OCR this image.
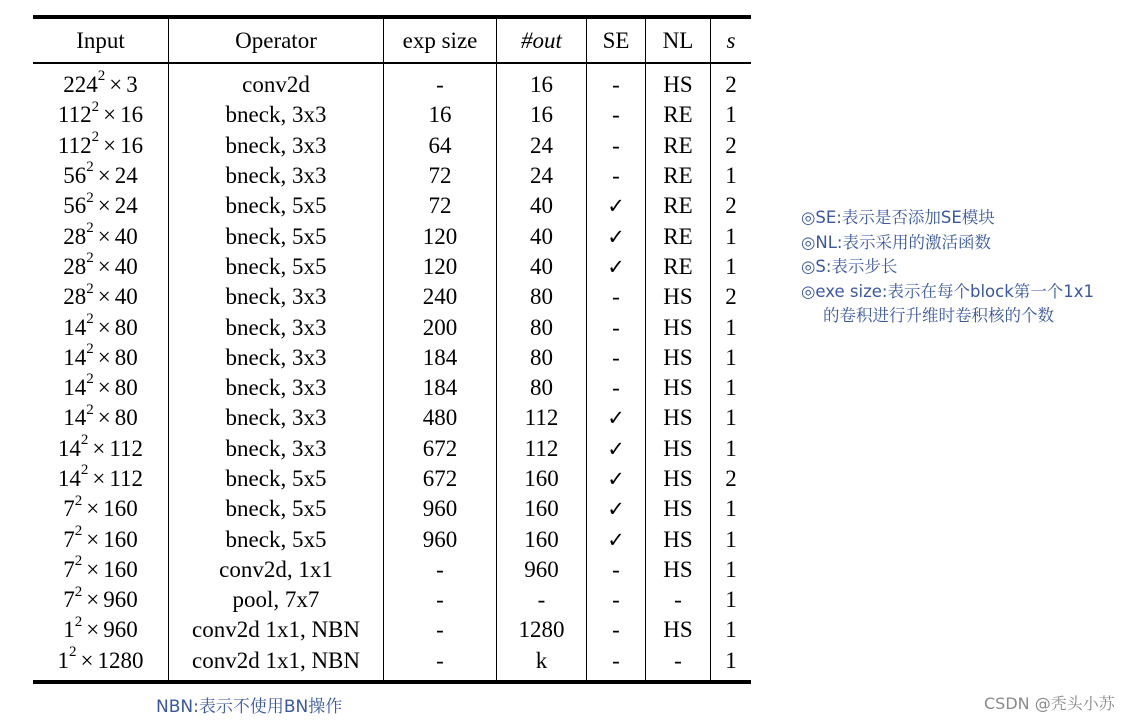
Input	Operator	exp size	#out	SE	NL	s
$224^2 \times 3$	conv2d	-	16	-	HS	2
$112^2 \times 16$	bneck, 3x3	16	16	-	RE	1
$112^2 \times 16$	bneck, 3x3	64	24	-	RE	2
$56^2 \times 24$	bneck, 3x3	72	24	-	RE	1
$56^2 \times 24$	bneck, 5x5	72	40	✓	RE	2
$28^2 \times 40$	bneck, 5x5	120	40	✓	RE	1
$28^2 \times 40$	bneck, 5x5	120	40	✓	RE	1
$28^2 \times 40$	bneck, 3x3	240	80	-	HS	2
$14^2 \times 80$	bneck, 3x3	200	80	-	HS	1
$14^2 \times 80$	bneck, 3x3	184	80	-	HS	1
$14^2 \times 80$	bneck, 3x3	184	80	-	HS	1
$14^2 \times 80$	bneck, 3x3	480	112	✓	HS	1
$14^2 \times 112$	bneck, 3x3	672	112	✓	HS	1
$14^2 \times 112$	bneck, 5x5	672	160	✓	HS	2
$7^2 \times 160$	bneck, 5x5	960	160	✓	HS	1
$7^2 \times 160$	bneck, 5x5	960	160	✓	HS	1
$7^2 \times 160$	conv2d, 1x1	-	960	-	HS	1
$7^2 \times 960$	pool, 7x7	-	-	-	-	1
$1^2 \times 960$	conv2d 1x1, NBN	-	1280	-	HS	1
$1^2 \times 1280$	conv2d 1x1, NBN	-	k	-	-	1
◎SE:表示是否添加SE模块
◎NL:表示采用的激活函数
◎S:表示步长
◎exe size:表示在每个block第一个1x1
的卷积进行升维时卷积核的个数
NBN:表示不使用BN操作	CSDN @秃头小苏
